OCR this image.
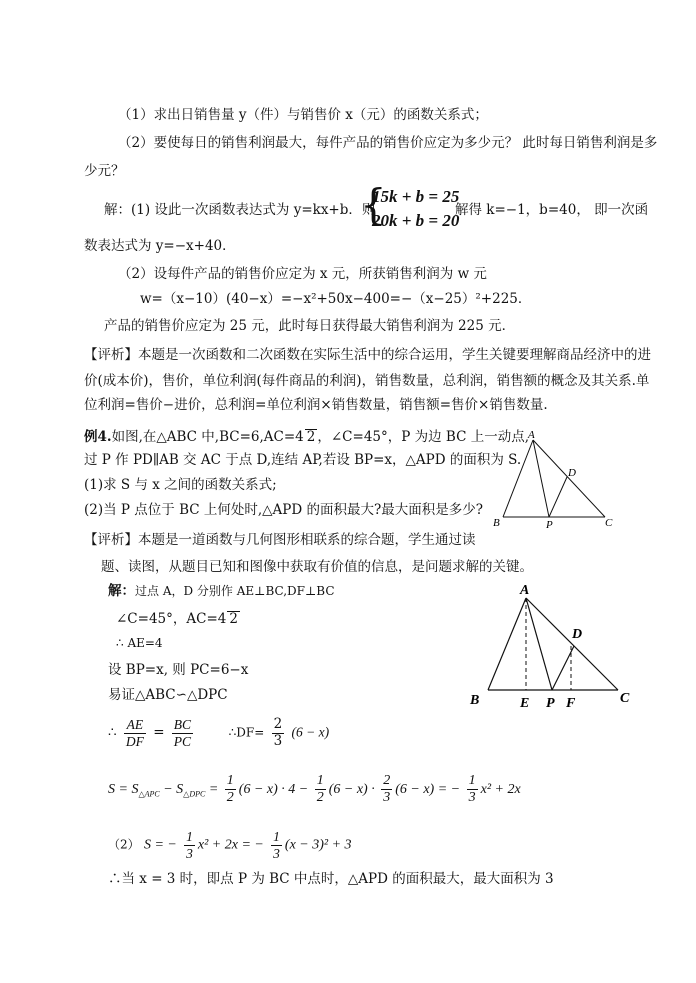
（1）求出日销售量 y（件）与销售价 x（元）的函数关系式；
（2）要使每日的销售利润最大，每件产品的销售价应定为多少元？ 此时每日销售利润是多
少元？
解：(1) 设此一次函数表达式为 y=kx+b．则
{
15k + b = 25
20k + b = 20
解得 k=−1，b=40， 即一次函
数表达式为 y=−x+40．
（2）设每件产品的销售价应定为 x 元，所获销售利润为 w 元
w=（x−10）(40−x）=−x²+50x−400=−（x−25）²+225．
产品的销售价应定为 25 元，此时每日获得最大销售利润为 225 元．
【评析】本题是一次函数和二次函数在实际生活中的综合运用，学生关键要理解商品经济中的进
价(成本价)，售价，单位利润(每件商品的利润)，销售数量，总利润，销售额的概念及其关系.单
位利润=售价−进价，总利润=单位利润×销售数量，销售额=售价×销售数量.
例4.如图,在△ABC 中,BC=6,AC=4 2 ，∠C=45°，P 为边 BC 上一动点,
过 P 作 PD∥AB 交 AC 于点 D,连结 AP,若设 BP=x，△APD 的面积为 S.
(1)求 S 与 x 之间的函数关系式;
(2)当 P 点位于 BC 上何处时,△APD 的面积最大?最大面积是多少?
【评析】本题是一道函数与几何图形相联系的综合题，学生通过读
题、读图，从题目已知和图像中获取有价值的信息，是问题求解的关键。
A
D
B	P	C
解：过点 A，D 分别作 AE⊥BC,DF⊥BC
∠C=45°，AC=4 2
∴ AE=4
设 BP=x, 则 PC=6−x
易证△ABC∽△DPC
∴ $\frac{AE}{DF} = \frac{BC}{PC}$	∴DF= $\frac{2}{3} (6 - x)$
$S = S_{\triangle APC} - S_{\triangle DPC} = \frac{1}{2} (6 - x) \cdot 4 - \frac{1}{2} (6 - x) \cdot \frac{2}{3} (6 - x)$ = − $\frac{1}{3} x^2 + 2x$
（2） S = − $\frac{1}{3} x^2 + 2x$ = − $\frac{1}{3} (x - 3)^2 + 3$
∴当 x = 3 时，即点 P 为 BC 中点时，△APD 的面积最大，最大面积为 3
A
D
B	E P F	C
